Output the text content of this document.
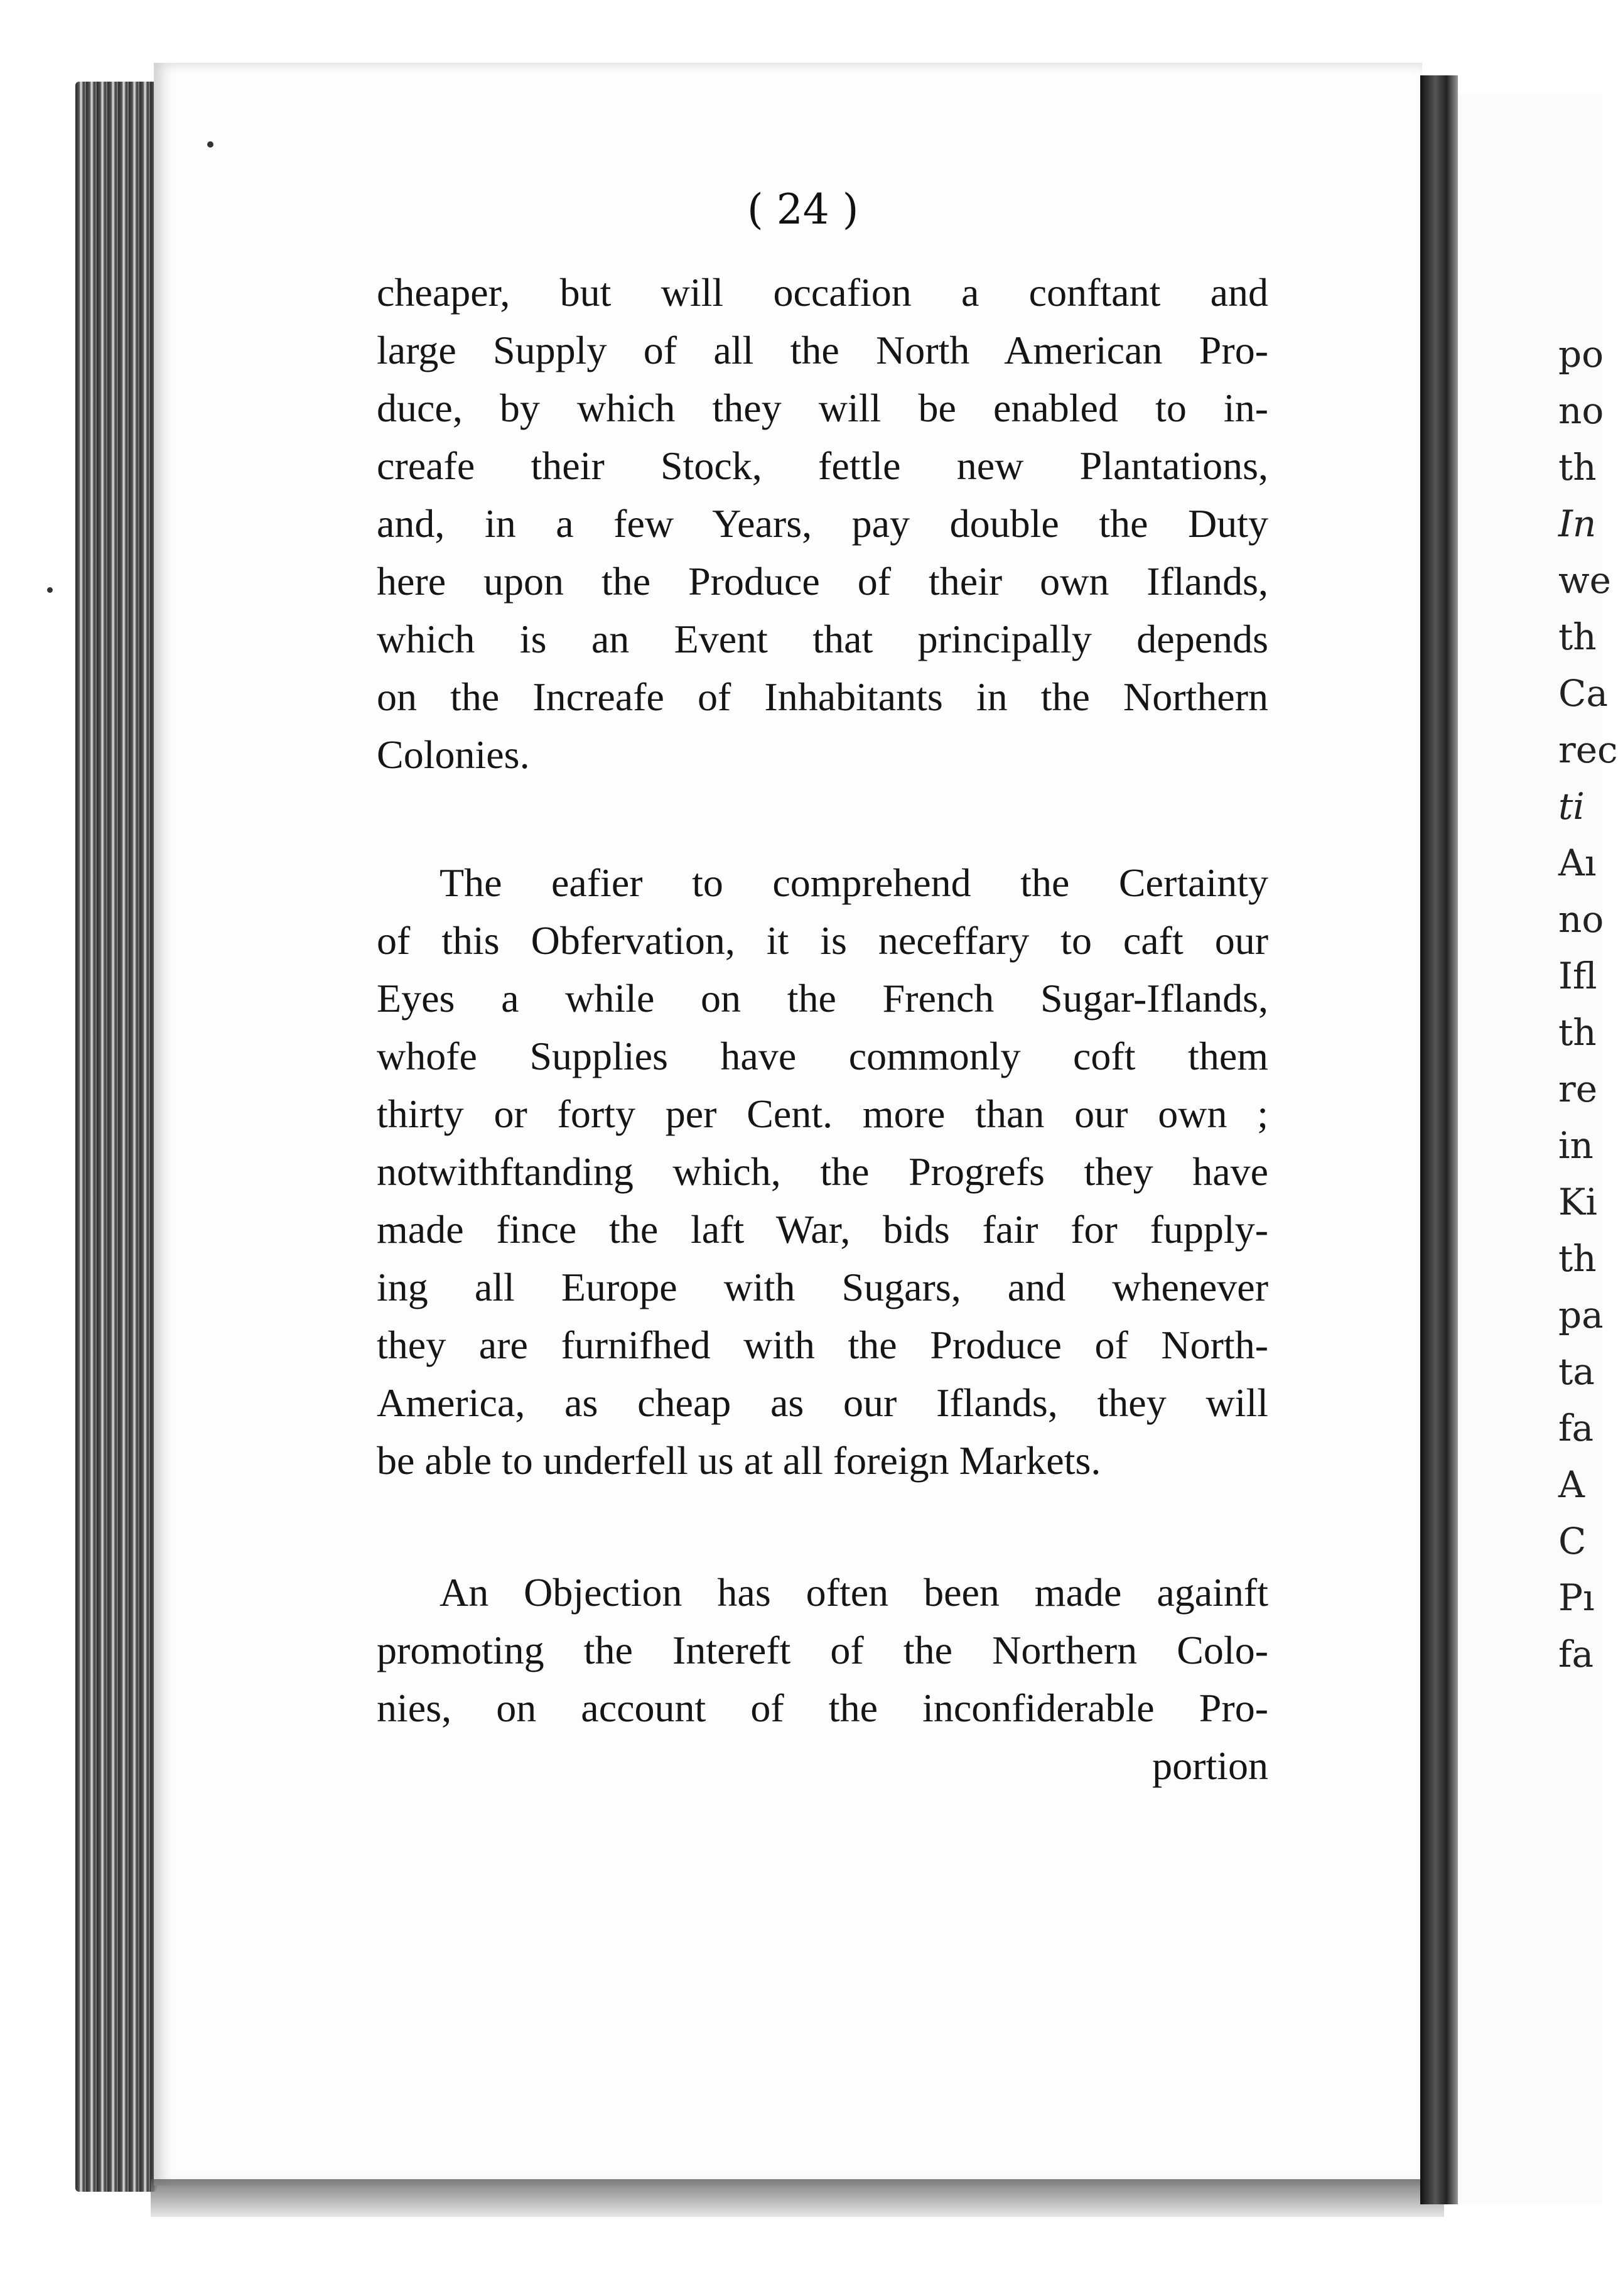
po
no
th
In
we
th
Ca
rec
ti
Aı
no
Ifl
th
re
in
Ki
th
pa
ta
fa
A
C
Pı
fa
( 24 )
cheaper, but will occafion a conftant and
large Supply of all the North American Pro-
duce, by which they will be enabled to in-
creafe their Stock, fettle new Plantations,
and, in a few Years, pay double the Duty
here upon the Produce of their own Iflands,
which is an Event that principally depends
on the Increafe of Inhabitants in the Northern
Colonies.
The eafier to comprehend the Certainty
of this Obfervation, it is neceffary to caft our
Eyes a while on the French Sugar-Iflands,
whofe Supplies have commonly coft them
thirty or forty per Cent. more than our own ;
notwithftanding which, the Progrefs they have
made fince the laft War, bids fair for fupply-
ing all Europe with Sugars, and whenever
they are furnifhed with the Produce of North-
America, as cheap as our Iflands, they will
be able to underfell us at all foreign Markets.
An Objection has often been made againft
promoting the Intereft of the Northern Colo-
nies, on account of the inconfiderable Pro-
portion
